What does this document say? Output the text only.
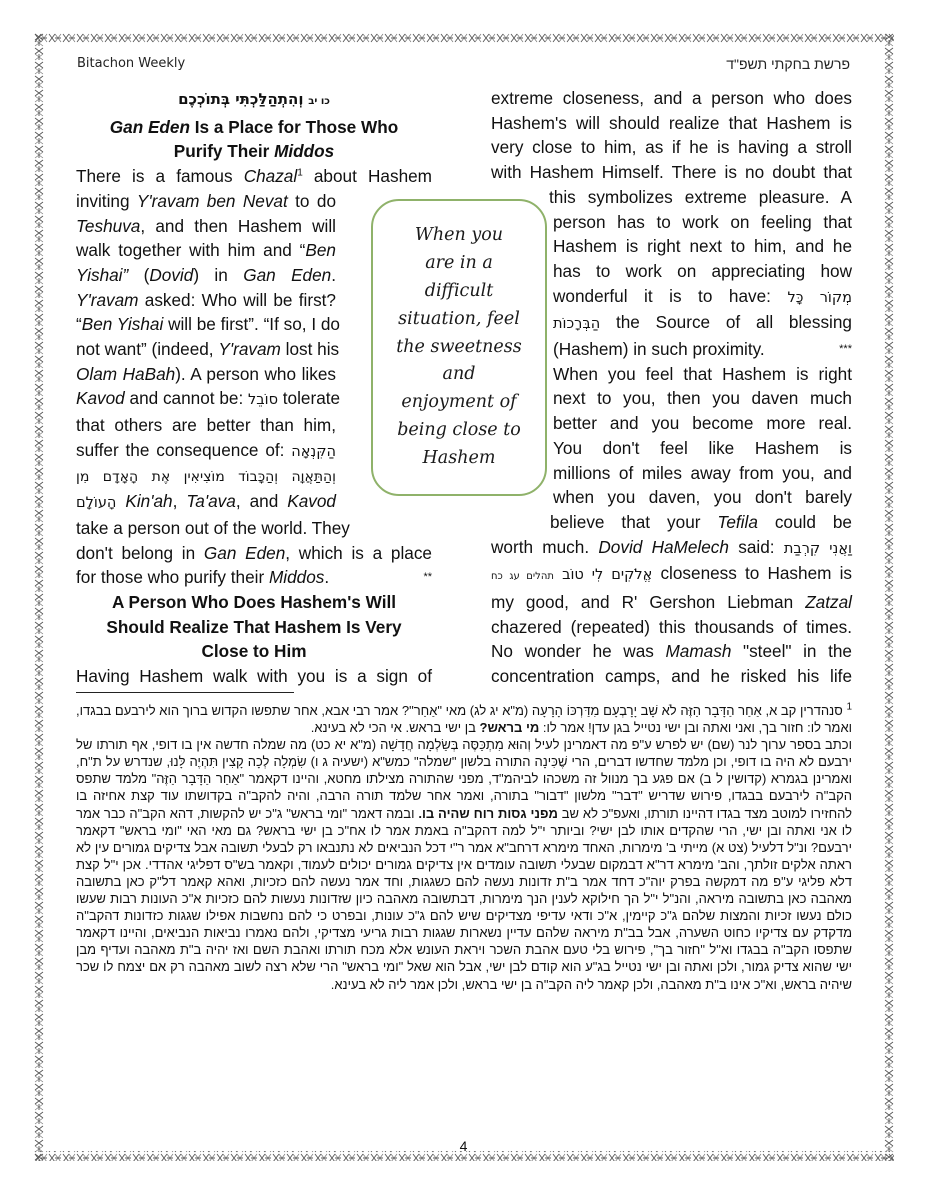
Bitachon Weekly	פרשת בחקתי תשפ"ד
וְהִתְהַלַּכְתִּי בְּתוֹכְכֶם כו יב
Gan Eden Is a Place for Those Who
Purify Their Middos
There is a famous Chazal$^1$ about Hashem
inviting Y'ravam ben Nevat to do
Teshuva, and then Hashem will
walk together with him and “Ben
Yishai” (Dovid) in Gan Eden.
Y'ravam asked: Who will be first?
“Ben Yishai will be first”. “If so, I do
not want” (indeed, Y'ravam lost his
Olam HaBah). A person who likes
Kavod and cannot be: סוֹבֵל tolerate
that others are better than him,
suffer the consequence of: הַקִּנְאָה
וְהַתַּאֲוָה וְהַכָּבוֹד מוֹצִיאִין אֶת הָאָדָם מִן
הָעוֹלָם Kin'ah, Ta'ava, and Kavod
take a person out of the world. They
don't belong in Gan Eden, which is a place
for those who purify their Middos.	**
A Person Who Does Hashem's Will
Should Realize That Hashem Is Very
Close to Him
Having Hashem walk with you is a sign of
When you
are in a
difficult
situation, feel
the sweetness
and
enjoyment of
being close to
Hashem
extreme closeness, and a person who does
Hashem's will should realize that Hashem is
very close to him, as if he is having a stroll
with Hashem Himself. There is no doubt that
this symbolizes extreme pleasure. A
person has to work on feeling that
Hashem is right next to him, and he
has to work on appreciating how
wonderful it is to have: מְקוֹר כָּל
הַבְּרָכוֹת the Source of all blessing
(Hashem) in such proximity.	***
When you feel that Hashem is right
next to you, then you daven much
better and you become more real.
You don't feel like Hashem is
millions of miles away from you, and
when you daven, you don't barely
believe that your Tefila could be
worth much. Dovid HaMelech said: וַאֲנִי קִרְבַת
תהלים עג כח אֱלֹקִים לִי טוֹב closeness to Hashem is
my good, and R' Gershon Liebman Zatzal
chazered (repeated) this thousands of times.
No wonder he was Mamash "steel" in the
concentration camps, and he risked his life

$^1$ סנהדרין קב א, אַחַר הַדָּבָר הַזֶּה לֹא שָׁב יָרָבְעָם מִדַּרְכּוֹ הָרָעָה (מ"א יג לג) מאי "אַחַר"? אמר רבי אבא, אחר שתפשו הקדוש ברוך הוא לירבעם בבגדו, ואמר לו: חזור בך, ואני ואתה ובן ישי נטייל בגן עדן! אמר לו: מי בראש? בן ישי בראש. אי הכי לא בעינא.

וכתב בספר ערוך לנר (שם) יש לפרש ע"פ מה דאמרינן לעיל וְהוּא מִתְכַּסֶּה בְּשַׂלְמָה חֲדָשָׁה (מ"א יא כט) מה שמלה חדשה אין בו דופי, אף תורתו של ירבעם לא היה בו דופי, וכן מלמד שחדשו דברים, הרי שֶׁכִּינָה התורה בלשון "שמלה" כמש"א (ישעיה ג ו) שִׂמְלָה לְכָה קָצִין תִּהְיֶה לָּנוּ, שנדרש על ת"ח, ואמרינן בגמרא (קדושין ל ב) אם פגע בך מנוול זה משכהו לביהמ"ד, מפני שהתורה מצילתו מחטא, והיינו דקאמר "אַחַר הַדָּבָר הַזֶּה" מלמד שתפס הקב"ה לירבעם בבגדו, פירוש שדריש "דבר" מלשון "דבור" בתורה, ואמר אחר שלמד תורה הרבה, והיה להקב"ה בקדושתו עוד קצת אחיזה בו להחזירו למוטב מצד בגדו דהיינו תורתו, ואעפ"כ לא שב מפני גסות רוח שהיה בו. ובמה דאמר "ומי בראש" ג"כ יש להקשות, דהא הקב"ה כבר אמר לו אני ואתה ובן ישי, הרי שהקדים אותו לבן ישי? וביותר י"ל למה דהקב"ה באמת אמר לו אח"כ בן ישי בראש? גם מאי האי "ומי בראש" דקאמר ירבעם? ונ"ל דלעיל (צט א) מייתי ב' מימרות, האחד מימרא דרחב"א אמר ר"י דכל הנביאים לא נתנבאו רק לבעלי תשובה אבל צדיקים גמורים עין לא ראתה אלקים זולתך, והב' מימרא דר"א דבמקום שבעלי תשובה עומדים אין צדיקים גמורים יכולים לעמוד, וקאמר בש"ס דפליגי אהדדי. אכן י"ל קצת דלא פליגי ע"פ מה דמקשה בפרק יוה"כ דחד אמר ב"ת זדונות נעשה להם כשגגות, וחד אמר נעשה להם כזכיות, ואהא קאמר דל"ק כאן בתשובה מאהבה כאן בתשובה מיראה, והנ"ל י"ל הך חילוקא לענין הנך מימרות, דבתשובה מאהבה כיון שזדונות נעשות להם כזכיות א"כ העונות רבות שעשו כולם נעשו זכיות והמצות שלהם ג"כ קיימין, א"כ ודאי עדיפי מצדיקים שיש להם ג"כ עונות, ובפרט כי להם נחשבות אפילו שגגות כזדונות דהקב"ה מדקדק עם צדיקיו כחוט השערה, אבל בב"ת מיראה שלהם עדיין נשארות שגגות רבות גריעי מצדיקי, ולהם נאמרו נביאות הנביאים, והיינו דקאמר שתפסו הקב"ה בבגדו וא"ל "חזור בך", פירוש בלי טעם אהבת השכר ויראת העונש אלא מכח תורתו ואהבת השם ואז יהיה ב"ת מאהבה ועדיף מבן ישי שהוא צדיק גמור, ולכן ואתה ובן ישי נטייל בג"ע הוא קודם לבן ישי, אבל הוא שאל "ומי בראש" הרי שלא רצה לשוב מאהבה רק אם יצמח לו שכר שיהיה בראש, וא"כ אינו ב"ת מאהבה, ולכן קאמר ליה הקב"ה בן ישי בראש, ולכן אמר ליה לא בעינא.

4
